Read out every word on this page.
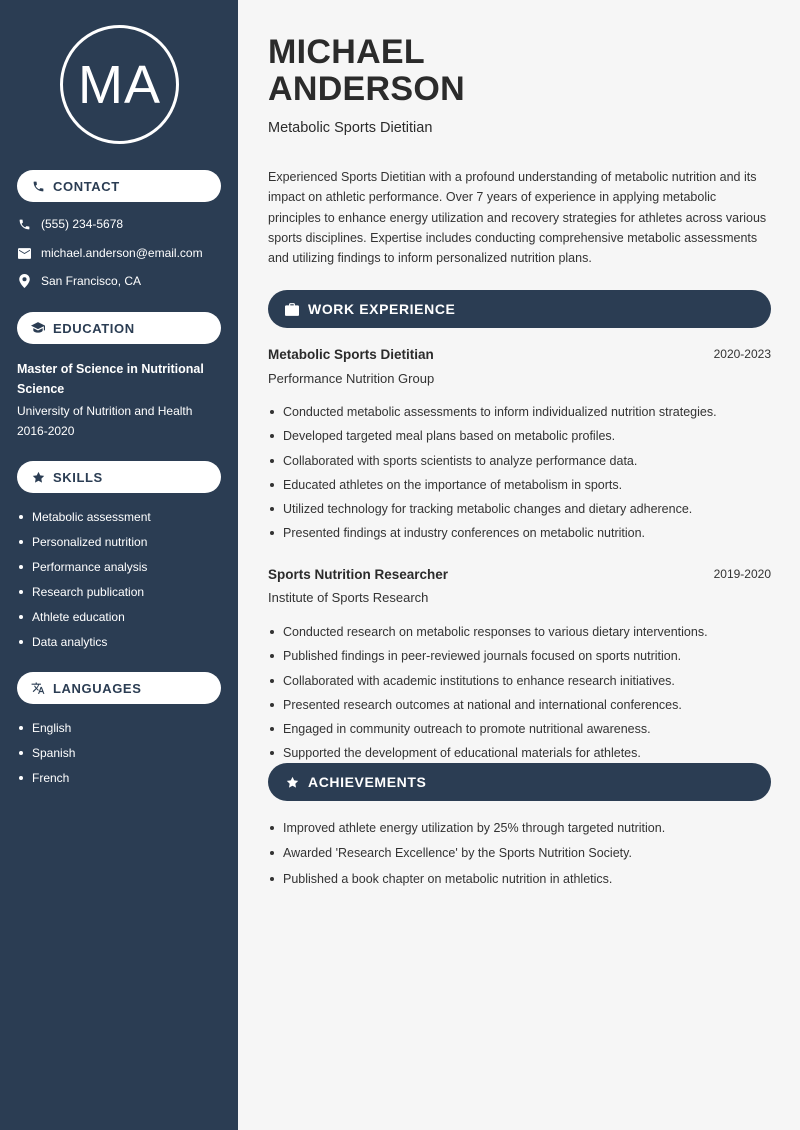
MA
CONTACT
(555) 234-5678
michael.anderson@email.com
San Francisco, CA
EDUCATION
Master of Science in Nutritional Science
University of Nutrition and Health
2016-2020
SKILLS
Metabolic assessment
Personalized nutrition
Performance analysis
Research publication
Athlete education
Data analytics
LANGUAGES
English
Spanish
French
MICHAEL
ANDERSON
Metabolic Sports Dietitian

Experienced Sports Dietitian with a profound understanding of metabolic nutrition and its impact on athletic performance. Over 7 years of experience in applying metabolic principles to enhance energy utilization and recovery strategies for athletes across various sports disciplines. Expertise includes conducting comprehensive metabolic assessments and utilizing findings to inform personalized nutrition plans.

WORK EXPERIENCE
Metabolic Sports Dietitian	2020-2023
Performance Nutrition Group
Conducted metabolic assessments to inform individualized nutrition strategies.
Developed targeted meal plans based on metabolic profiles.
Collaborated with sports scientists to analyze performance data.
Educated athletes on the importance of metabolism in sports.
Utilized technology for tracking metabolic changes and dietary adherence.
Presented findings at industry conferences on metabolic nutrition.
Sports Nutrition Researcher	2019-2020
Institute of Sports Research
Conducted research on metabolic responses to various dietary interventions.
Published findings in peer-reviewed journals focused on sports nutrition.
Collaborated with academic institutions to enhance research initiatives.
Presented research outcomes at national and international conferences.
Engaged in community outreach to promote nutritional awareness.
Supported the development of educational materials for athletes.
ACHIEVEMENTS
Improved athlete energy utilization by 25% through targeted nutrition.
Awarded 'Research Excellence' by the Sports Nutrition Society.
Published a book chapter on metabolic nutrition in athletics.
